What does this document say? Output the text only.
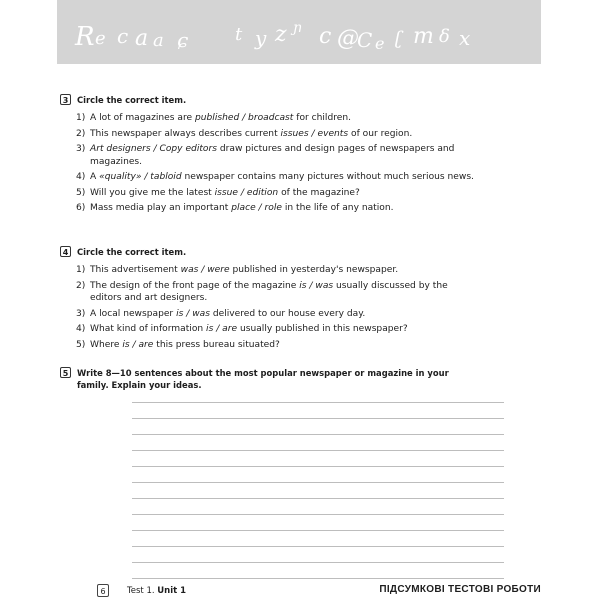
R
e c a a ɕ t y z ɲ c @
C e ʗ m δ x
3	Circle the correct item.
1) A lot of magazines are published / broadcast for children.
2) This newspaper always describes current issues / events of our region.
3) Art designers / Copy editors draw pictures and design pages of newspapers and magazines.
4) A «quality» / tabloid newspaper contains many pictures without much serious news.
5) Will you give me the latest issue / edition of the magazine?
6) Mass media play an important place / role in the life of any nation.
4	Circle the correct item.
1) This advertisement was / were published in yesterday's newspaper.
2) The design of the front page of the magazine is / was usually discussed by the editors and art designers.
3) A local newspaper is / was delivered to our house every day.
4) What kind of information is / are usually published in this newspaper?
5) Where is / are this press bureau situated?
5	Write 8—10 sentences about the most popular newspaper or magazine in your family. Explain your ideas.
6	Test 1. Unit 1	ПІДСУМКОВІ ТЕСТОВІ РОБОТИ
